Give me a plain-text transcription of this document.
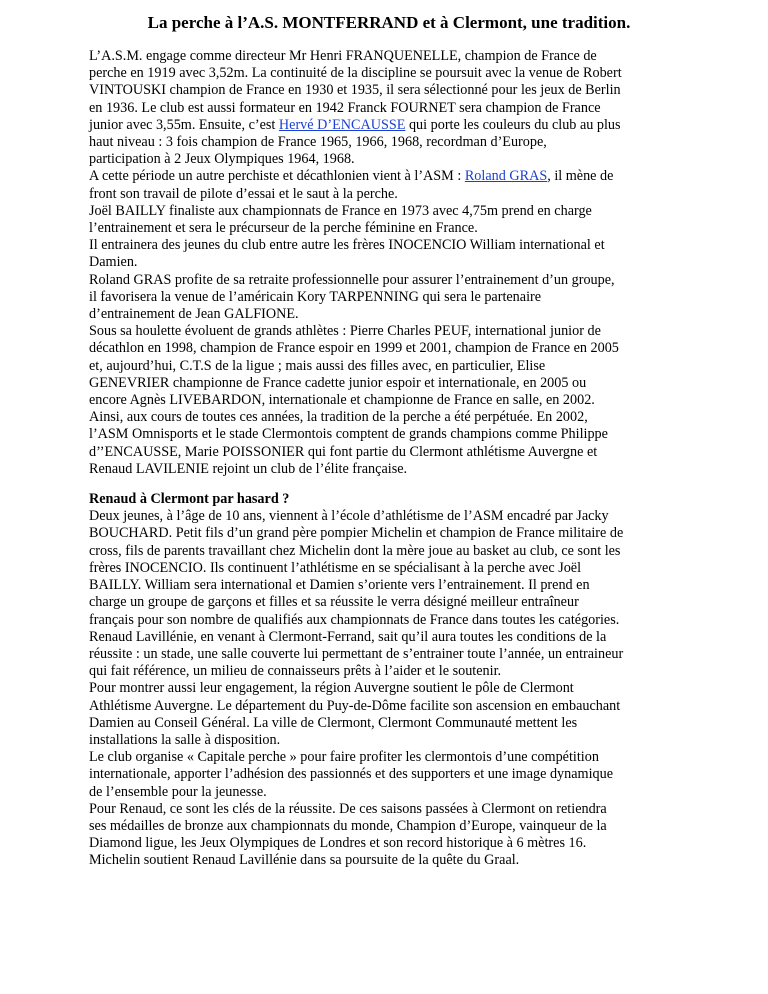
La perche à l’A.S. MONTFERRAND et à Clermont, une tradition.
L’A.S.M. engage comme directeur Mr Henri FRANQUENELLE, champion de France de
perche en 1919 avec 3,52m. La continuité de la discipline se poursuit avec la venue de Robert
VINTOUSKI champion de France en 1930 et 1935, il sera sélectionné pour les jeux de Berlin
en 1936. Le club est aussi formateur en 1942 Franck FOURNET sera champion de France
junior avec 3,55m. Ensuite, c’est Hervé D’ENCAUSSE qui porte les couleurs du club au plus
haut niveau : 3 fois champion de France 1965, 1966, 1968, recordman d’Europe,
participation à 2 Jeux Olympiques 1964, 1968.
A cette période un autre perchiste et décathlonien vient à l’ASM : Roland GRAS, il mène de
front son travail de pilote d’essai et le saut à la perche.
Joël BAILLY finaliste aux championnats de France en 1973 avec 4,75m prend en charge
l’entrainement et sera le précurseur de la perche féminine en France.
Il entrainera des jeunes du club entre autre les frères INOCENCIO William international et
Damien.
Roland GRAS profite de sa retraite professionnelle pour assurer l’entrainement d’un groupe,
il favorisera la venue de l’américain Kory TARPENNING qui sera le partenaire
d’entrainement de Jean GALFIONE.
Sous sa houlette évoluent de grands athlètes : Pierre Charles PEUF, international junior de
décathlon en 1998, champion de France espoir en 1999 et 2001, champion de France en 2005
et, aujourd’hui, C.T.S de la ligue ; mais aussi des filles avec, en particulier, Elise
GENEVRIER championne de France cadette junior espoir et internationale, en 2005 ou
encore Agnès LIVEBARDON, internationale et championne de France en salle, en 2002.
Ainsi, aux cours de toutes ces années, la tradition de la perche a été perpétuée. En 2002,
l’ASM Omnisports et le stade Clermontois comptent de grands champions comme Philippe
d’’ENCAUSSE, Marie POISSONIER qui font partie du Clermont athlétisme Auvergne et
Renaud LAVILENIE rejoint un club de l’élite française.
Renaud à Clermont par hasard ?
Deux jeunes, à l’âge de 10 ans, viennent à l’école d’athlétisme de l’ASM encadré par Jacky
BOUCHARD. Petit fils d’un grand père pompier Michelin et champion de France militaire de
cross, fils de parents travaillant chez Michelin dont la mère joue au basket au club, ce sont les
frères INOCENCIO. Ils continuent l’athlétisme en se spécialisant à la perche avec Joël
BAILLY. William sera international et Damien s’oriente vers l’entrainement. Il prend en
charge un groupe de garçons et filles et sa réussite le verra désigné meilleur entraîneur
français pour son nombre de qualifiés aux championnats de France dans toutes les catégories.
Renaud Lavillénie, en venant à Clermont-Ferrand, sait qu’il aura toutes les conditions de la
réussite : un stade, une salle couverte lui permettant de s’entrainer toute l’année, un entraineur
qui fait référence, un milieu de connaisseurs prêts à l’aider et le soutenir.
Pour montrer aussi leur engagement, la région Auvergne soutient le pôle de Clermont
Athlétisme Auvergne. Le département du Puy-de-Dôme facilite son ascension en embauchant
Damien au Conseil Général. La ville de Clermont, Clermont Communauté mettent les
installations la salle à disposition.
Le club organise « Capitale perche » pour faire profiter les clermontois d’une compétition
internationale, apporter l’adhésion des passionnés et des supporters et une image dynamique
de l’ensemble pour la jeunesse.
Pour Renaud, ce sont les clés de la réussite. De ces saisons passées à Clermont on retiendra
ses médailles de bronze aux championnats du monde, Champion d’Europe, vainqueur de la
Diamond ligue, les Jeux Olympiques de Londres et son record historique à 6 mètres 16.
Michelin soutient Renaud Lavillénie dans sa poursuite de la quête du Graal.
